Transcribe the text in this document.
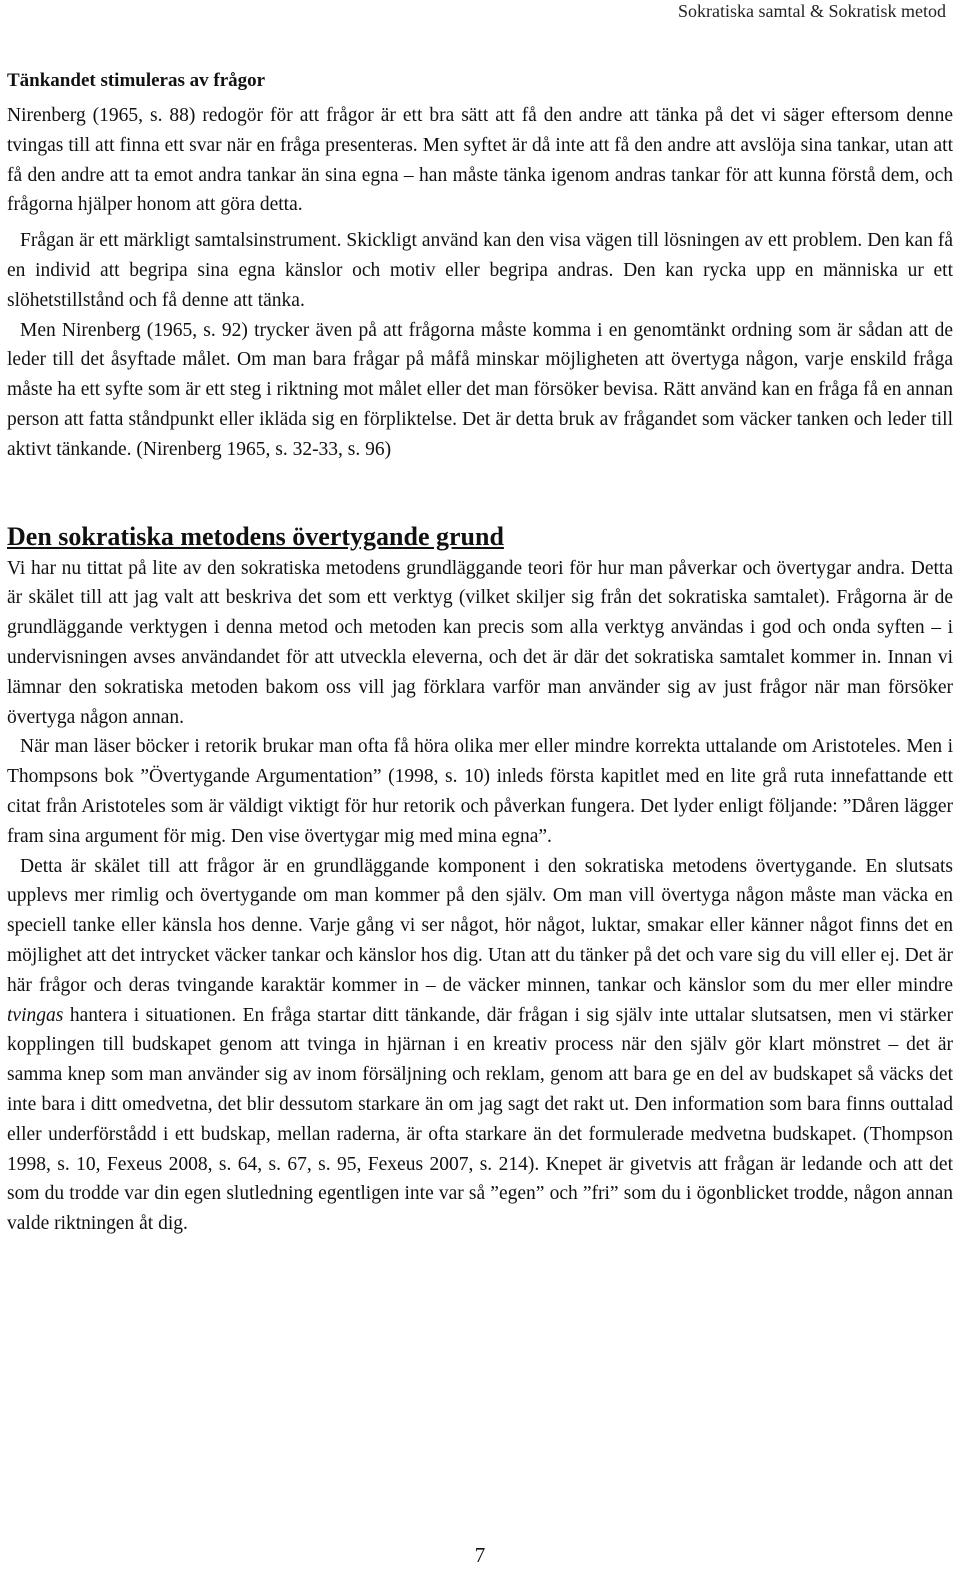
Sokratiska samtal & Sokratisk metod
Tänkandet stimuleras av frågor

Nirenberg (1965, s. 88) redogör för att frågor är ett bra sätt att få den andre att tänka på det vi säger eftersom denne tvingas till att finna ett svar när en fråga presenteras. Men syftet är då inte att få den andre att avslöja sina tankar, utan att få den andre att ta emot andra tankar än sina egna – han måste tänka igenom andras tankar för att kunna förstå dem, och frågorna hjälper honom att göra detta.

Frågan är ett märkligt samtalsinstrument. Skickligt använd kan den visa vägen till lösningen av ett problem. Den kan få en individ att begripa sina egna känslor och motiv eller begripa andras. Den kan rycka upp en människa ur ett slöhetstillstånd och få denne att tänka.

Men Nirenberg (1965, s. 92) trycker även på att frågorna måste komma i en genomtänkt ordning som är sådan att de leder till det åsyftade målet. Om man bara frågar på måfå minskar möjligheten att övertyga någon, varje enskild fråga måste ha ett syfte som är ett steg i riktning mot målet eller det man försöker bevisa. Rätt använd kan en fråga få en annan person att fatta ståndpunkt eller ikläda sig en förpliktelse. Det är detta bruk av frågandet som väcker tanken och leder till aktivt tänkande. (Nirenberg 1965, s. 32-33, s. 96)

Den sokratiska metodens övertygande grund

Vi har nu tittat på lite av den sokratiska metodens grundläggande teori för hur man påverkar och övertygar andra. Detta är skälet till att jag valt att beskriva det som ett verktyg (vilket skiljer sig från det sokratiska samtalet). Frågorna är de grundläggande verktygen i denna metod och metoden kan precis som alla verktyg användas i god och onda syften – i undervisningen avses användandet för att utveckla eleverna, och det är där det sokratiska samtalet kommer in. Innan vi lämnar den sokratiska metoden bakom oss vill jag förklara varför man använder sig av just frågor när man försöker övertyga någon annan.

När man läser böcker i retorik brukar man ofta få höra olika mer eller mindre korrekta uttalande om Aristoteles. Men i Thompsons bok ”Övertygande Argumentation” (1998, s. 10) inleds första kapitlet med en lite grå ruta innefattande ett citat från Aristoteles som är väldigt viktigt för hur retorik och påverkan fungera. Det lyder enligt följande: ”Dåren lägger fram sina argument för mig. Den vise övertygar mig med mina egna”.

Detta är skälet till att frågor är en grundläggande komponent i den sokratiska metodens övertygande. En slutsats upplevs mer rimlig och övertygande om man kommer på den själv. Om man vill övertyga någon måste man väcka en speciell tanke eller känsla hos denne. Varje gång vi ser något, hör något, luktar, smakar eller känner något finns det en möjlighet att det intrycket väcker tankar och känslor hos dig. Utan att du tänker på det och vare sig du vill eller ej. Det är här frågor och deras tvingande karaktär kommer in – de väcker minnen, tankar och känslor som du mer eller mindre tvingas hantera i situationen. En fråga startar ditt tänkande, där frågan i sig själv inte uttalar slutsatsen, men vi stärker kopplingen till budskapet genom att tvinga in hjärnan i en kreativ process när den själv gör klart mönstret – det är samma knep som man använder sig av inom försäljning och reklam, genom att bara ge en del av budskapet så väcks det inte bara i ditt omedvetna, det blir dessutom starkare än om jag sagt det rakt ut. Den information som bara finns outtalad eller underförstådd i ett budskap, mellan raderna, är ofta starkare än det formulerade medvetna budskapet. (Thompson 1998, s. 10, Fexeus 2008, s. 64, s. 67, s. 95, Fexeus 2007, s. 214). Knepet är givetvis att frågan är ledande och att det som du trodde var din egen slutledning egentligen inte var så ”egen” och ”fri” som du i ögonblicket trodde, någon annan valde riktningen åt dig.

7
